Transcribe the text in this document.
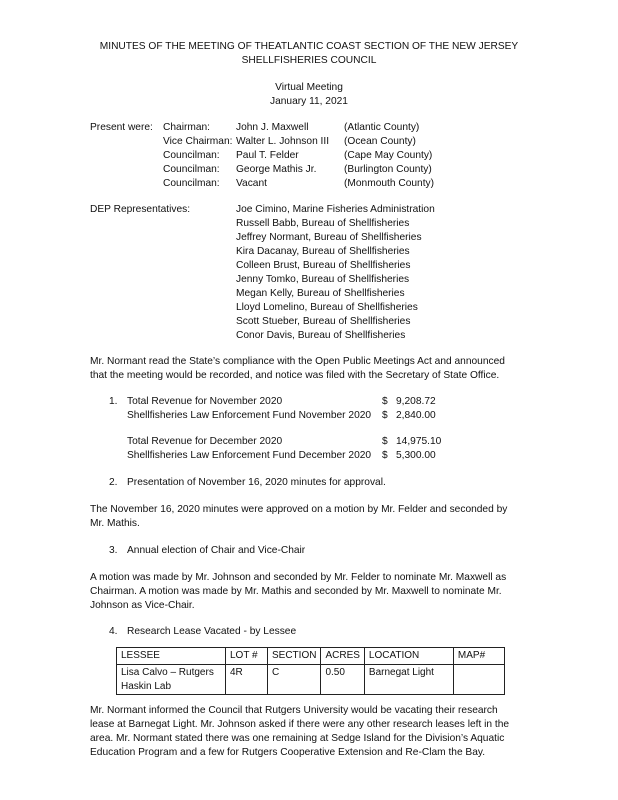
MINUTES OF THE MEETING OF THEATLANTIC COAST SECTION OF THE NEW JERSEY
SHELLFISHERIES COUNCIL
Virtual Meeting
January 11, 2021
Present were: Chairman:	John J. Maxwell	(Atlantic County)
Vice Chairman: Walter L. Johnson III (Ocean County)
Councilman: Paul T. Felder	(Cape May County)
Councilman: George Mathis Jr.	(Burlington County)
Councilman: Vacant	(Monmouth County)
DEP Representatives:	Joe Cimino, Marine Fisheries Administration
Russell Babb, Bureau of Shellfisheries
Jeffrey Normant, Bureau of Shellfisheries
Kira Dacanay, Bureau of Shellfisheries
Colleen Brust, Bureau of Shellfisheries
Jenny Tomko, Bureau of Shellfisheries
Megan Kelly, Bureau of Shellfisheries
Lloyd Lomelino, Bureau of Shellfisheries
Scott Stueber, Bureau of Shellfisheries
Conor Davis, Bureau of Shellfisheries
Mr. Normant read the State’s compliance with the Open Public Meetings Act and announced
that the meeting would be recorded, and notice was filed with the Secretary of State Office.
1. Total Revenue for November 2020	$ 9,208.72
Shellfisheries Law Enforcement Fund November 2020 $ 2,840.00
Total Revenue for December 2020	$ 14,975.10
Shellfisheries Law Enforcement Fund December 2020 $ 5,300.00
2. Presentation of November 16, 2020 minutes for approval.
The November 16, 2020 minutes were approved on a motion by Mr. Felder and seconded by
Mr. Mathis.
3. Annual election of Chair and Vice-Chair
A motion was made by Mr. Johnson and seconded by Mr. Felder to nominate Mr. Maxwell as
Chairman. A motion was made by Mr. Mathis and seconded by Mr. Maxwell to nominate Mr.
Johnson as Vice-Chair.
4. Research Lease Vacated - by Lessee
LESSEE	LOT #	SECTION	ACRES	LOCATION	MAP#

Lisa Calvo – Rutgers
Haskin Lab	4R	C	0.50	Barnegat Light	
Mr. Normant informed the Council that Rutgers University would be vacating their research
lease at Barnegat Light. Mr. Johnson asked if there were any other research leases left in the
area. Mr. Normant stated there was one remaining at Sedge Island for the Division’s Aquatic
Education Program and a few for Rutgers Cooperative Extension and Re-Clam the Bay.
